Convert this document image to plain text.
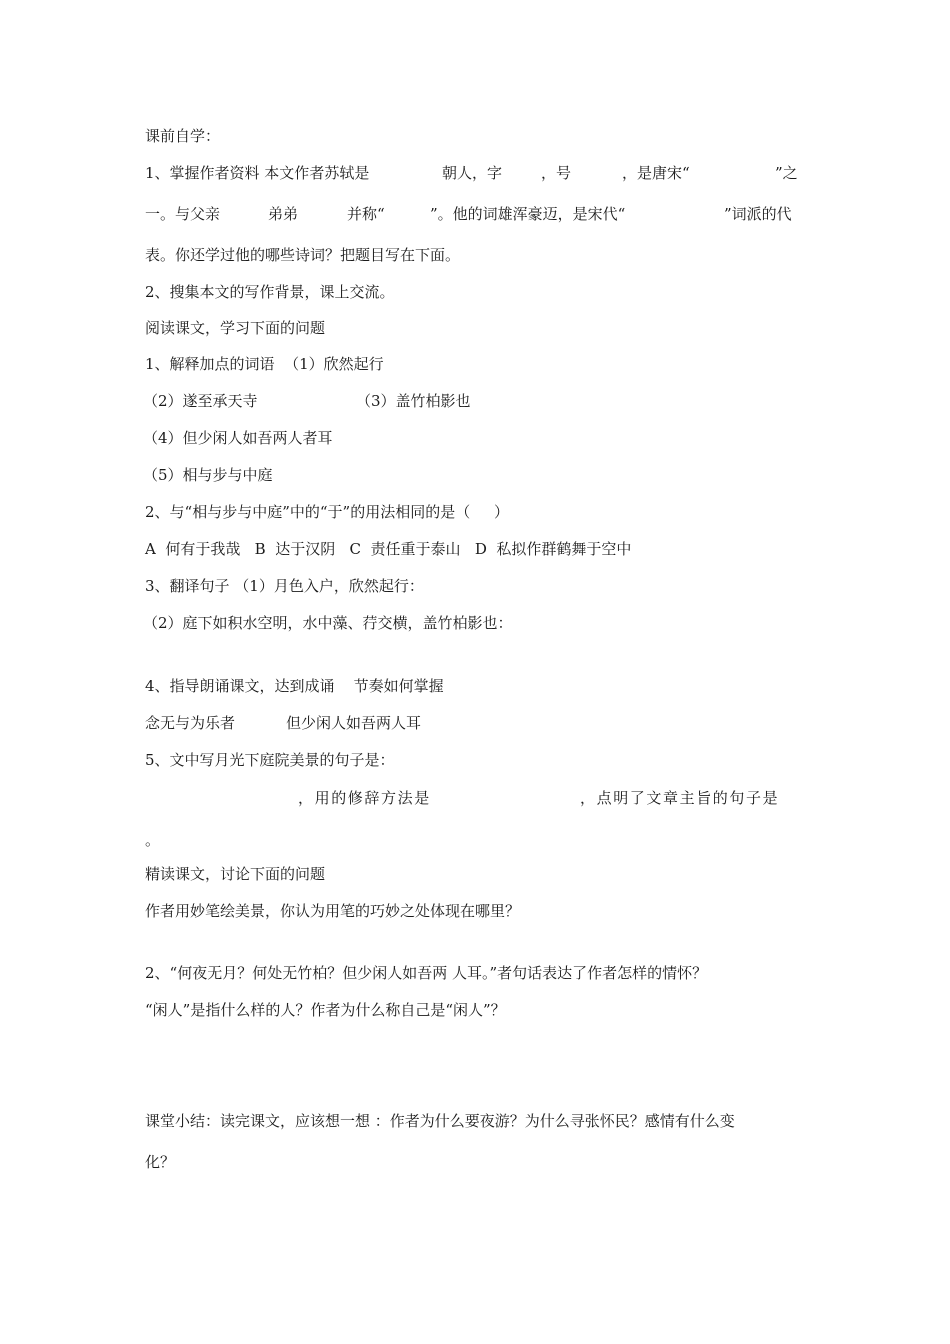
课前自学：
1、掌握作者资料 本文作者苏轼是	朝人，字	，号	，是唐宋“	”之
一。与父亲	弟弟	并称“	”。他的词雄浑豪迈，是宋代“	”词派的代
表。你还学过他的哪些诗词？把题目写在下面。
2、搜集本文的写作背景，课上交流。
阅读课文，学习下面的问题
1、解释加点的词语  （1）欣然起行
（2）遂至承天寺	（3）盖竹柏影也
（4）但少闲人如吾两人者耳
（5）相与步与中庭
2、与“相与步与中庭”中的“于”的用法相同的是（     ）
A  何有于我哉   B  达于汉阴   C  责任重于泰山   D  私拟作群鹤舞于空中
3、翻译句子 （1）月色入户，欣然起行：
（2）庭下如积水空明，水中藻、荇交横，盖竹柏影也：
4、指导朗诵课文，达到成诵    节奏如何掌握
念无与为乐者	但少闲人如吾两人耳
5、文中写月光下庭院美景的句子是：
，用的修辞方法是	，点明了文章主旨的句子是
。
精读课文，讨论下面的问题
作者用妙笔绘美景，你认为用笔的巧妙之处体现在哪里？
2、“何夜无月？何处无竹柏？但少闲人如吾两 人耳。”者句话表达了作者怎样的情怀？
“闲人”是指什么样的人？作者为什么称自己是“闲人”？
课堂小结：读完课文，应该想一想 ：作者为什么要夜游？为什么寻张怀民？感情有什么变
化？
